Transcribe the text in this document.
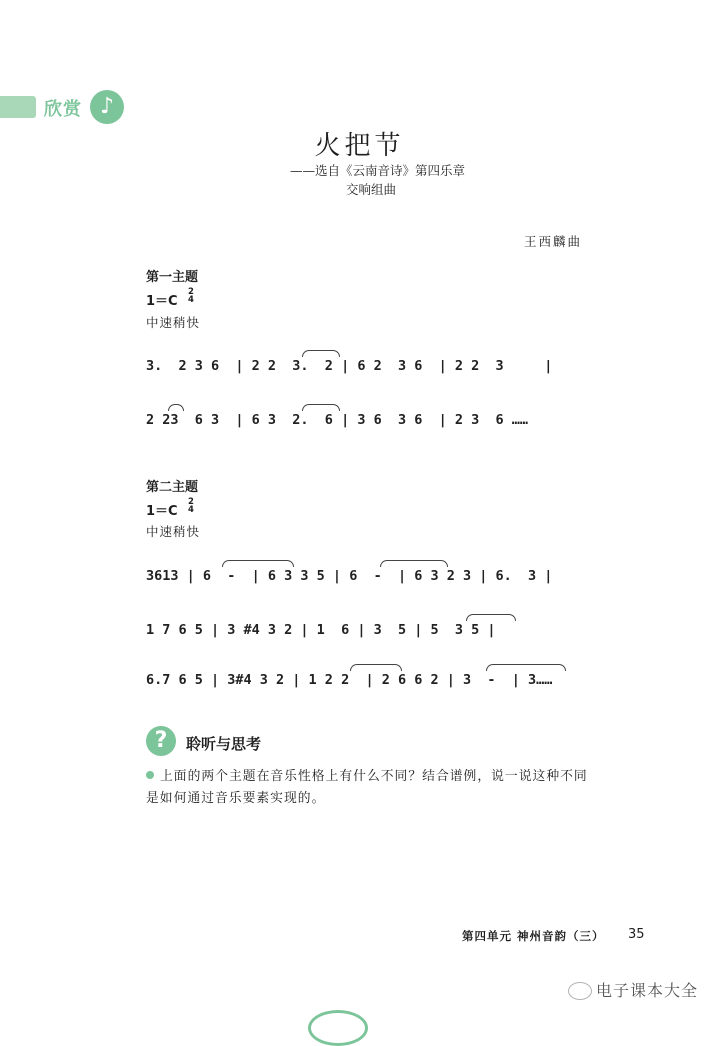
欣赏 ♪
火把节
——选自《云南音诗》第四乐章
交响组曲
王西麟曲
第一主题
1＝C
2
4
中速稍快
3.  2 3 6  | 2 2  3.  2 | 6 2  3 6  | 2 2  3     |
2 23  6 3  | 6 3  2.  6 | 3 6  3 6  | 2 3  6 ……
第二主题
1＝C
2
4
中速稍快
3613 | 6  -  | 6 3 3 5 | 6  -  | 6 3 2 3 | 6.  3 |
1 7 6 5 | 3 #4 3 2 | 1  6 | 3  5 | 5  3 5 |
6.7 6 5 | 3#4 3 2 | 1 2 2  | 2 6 6 2 | 3  -  | 3……
?	聆听与思考
上面的两个主题在音乐性格上有什么不同？结合谱例，说一说这种不同
是如何通过音乐要素实现的。
第四单元 神州音韵（三） 35
电子课本大全
